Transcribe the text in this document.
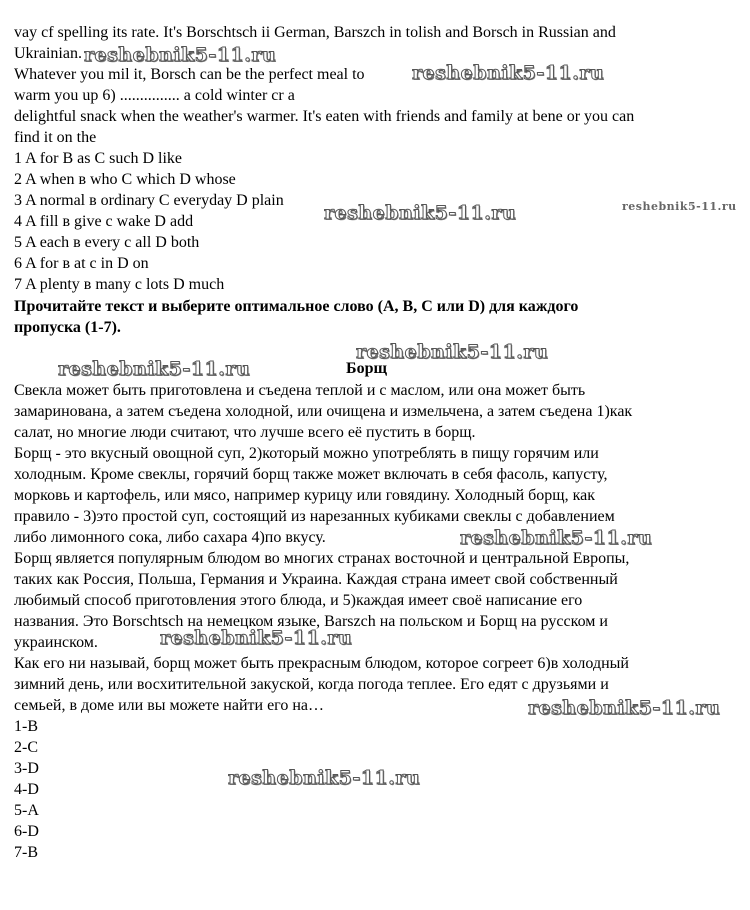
vay cf spelling its rate. It's Borschtsch ii German, Barszch in tolish and Borsch in Russian and
Ukrainian.
Whatever you mil it, Borsch can be the perfect meal to
warm you up 6) ............... a cold winter cr a
delightful snack when the weather's warmer. It's eaten with friends and family at bene or you can
find it on the
1 A for B as C such D like
2 A when в who C which D whose
3 A normal в ordinary C everyday D plain
4 A fill в give c wake D add
5 A each в every c all D both
6 A for в at c in D on
7 A plenty в many c lots D much
Прочитайте текст и выберите оптимальное слово (А, В, С или D) для каждого
пропуска (1-7).
Борщ
Свекла может быть приготовлена и съедена теплой и с маслом, или она может быть
замаринована, а затем съедена холодной, или очищена и измельчена, а затем съедена 1)как
салат, но многие люди считают, что лучше всего её пустить в борщ.
Борщ - это вкусный овощной суп, 2)который можно употреблять в пищу горячим или
холодным. Кроме свеклы, горячий борщ также может включать в себя фасоль, капусту,
морковь и картофель, или мясо, например курицу или говядину. Холодный борщ, как
правило - 3)это простой суп, состоящий из нарезанных кубиками свеклы с добавлением
либо лимонного сока, либо сахара 4)по вкусу.
Борщ является популярным блюдом во многих странах восточной и центральной Европы,
таких как Россия, Польша, Германия и Украина. Каждая страна имеет свой собственный
любимый способ приготовления этого блюда, и 5)каждая имеет своё написание его
названия. Это Borschtsch на немецком языке, Barszch на польском и Борщ на русском и
украинском.
Как его ни называй, борщ может быть прекрасным блюдом, которое согреет 6)в холодный
зимний день, или восхитительной закуской, когда погода теплее. Его едят с друзьями и
семьей, в доме или вы можете найти его на…
1-B
2-C
3-D
4-D
5-A
6-D
7-B
reshebnik5-11.ru
reshebnik5-11.ru
reshebnik5-11.ru	reshebnik5-11.ru
reshebnik5-11.ru
reshebnik5-11.ru
reshebnik5-11.ru
reshebnik5-11.ru
reshebnik5-11.ru
reshebnik5-11.ru
